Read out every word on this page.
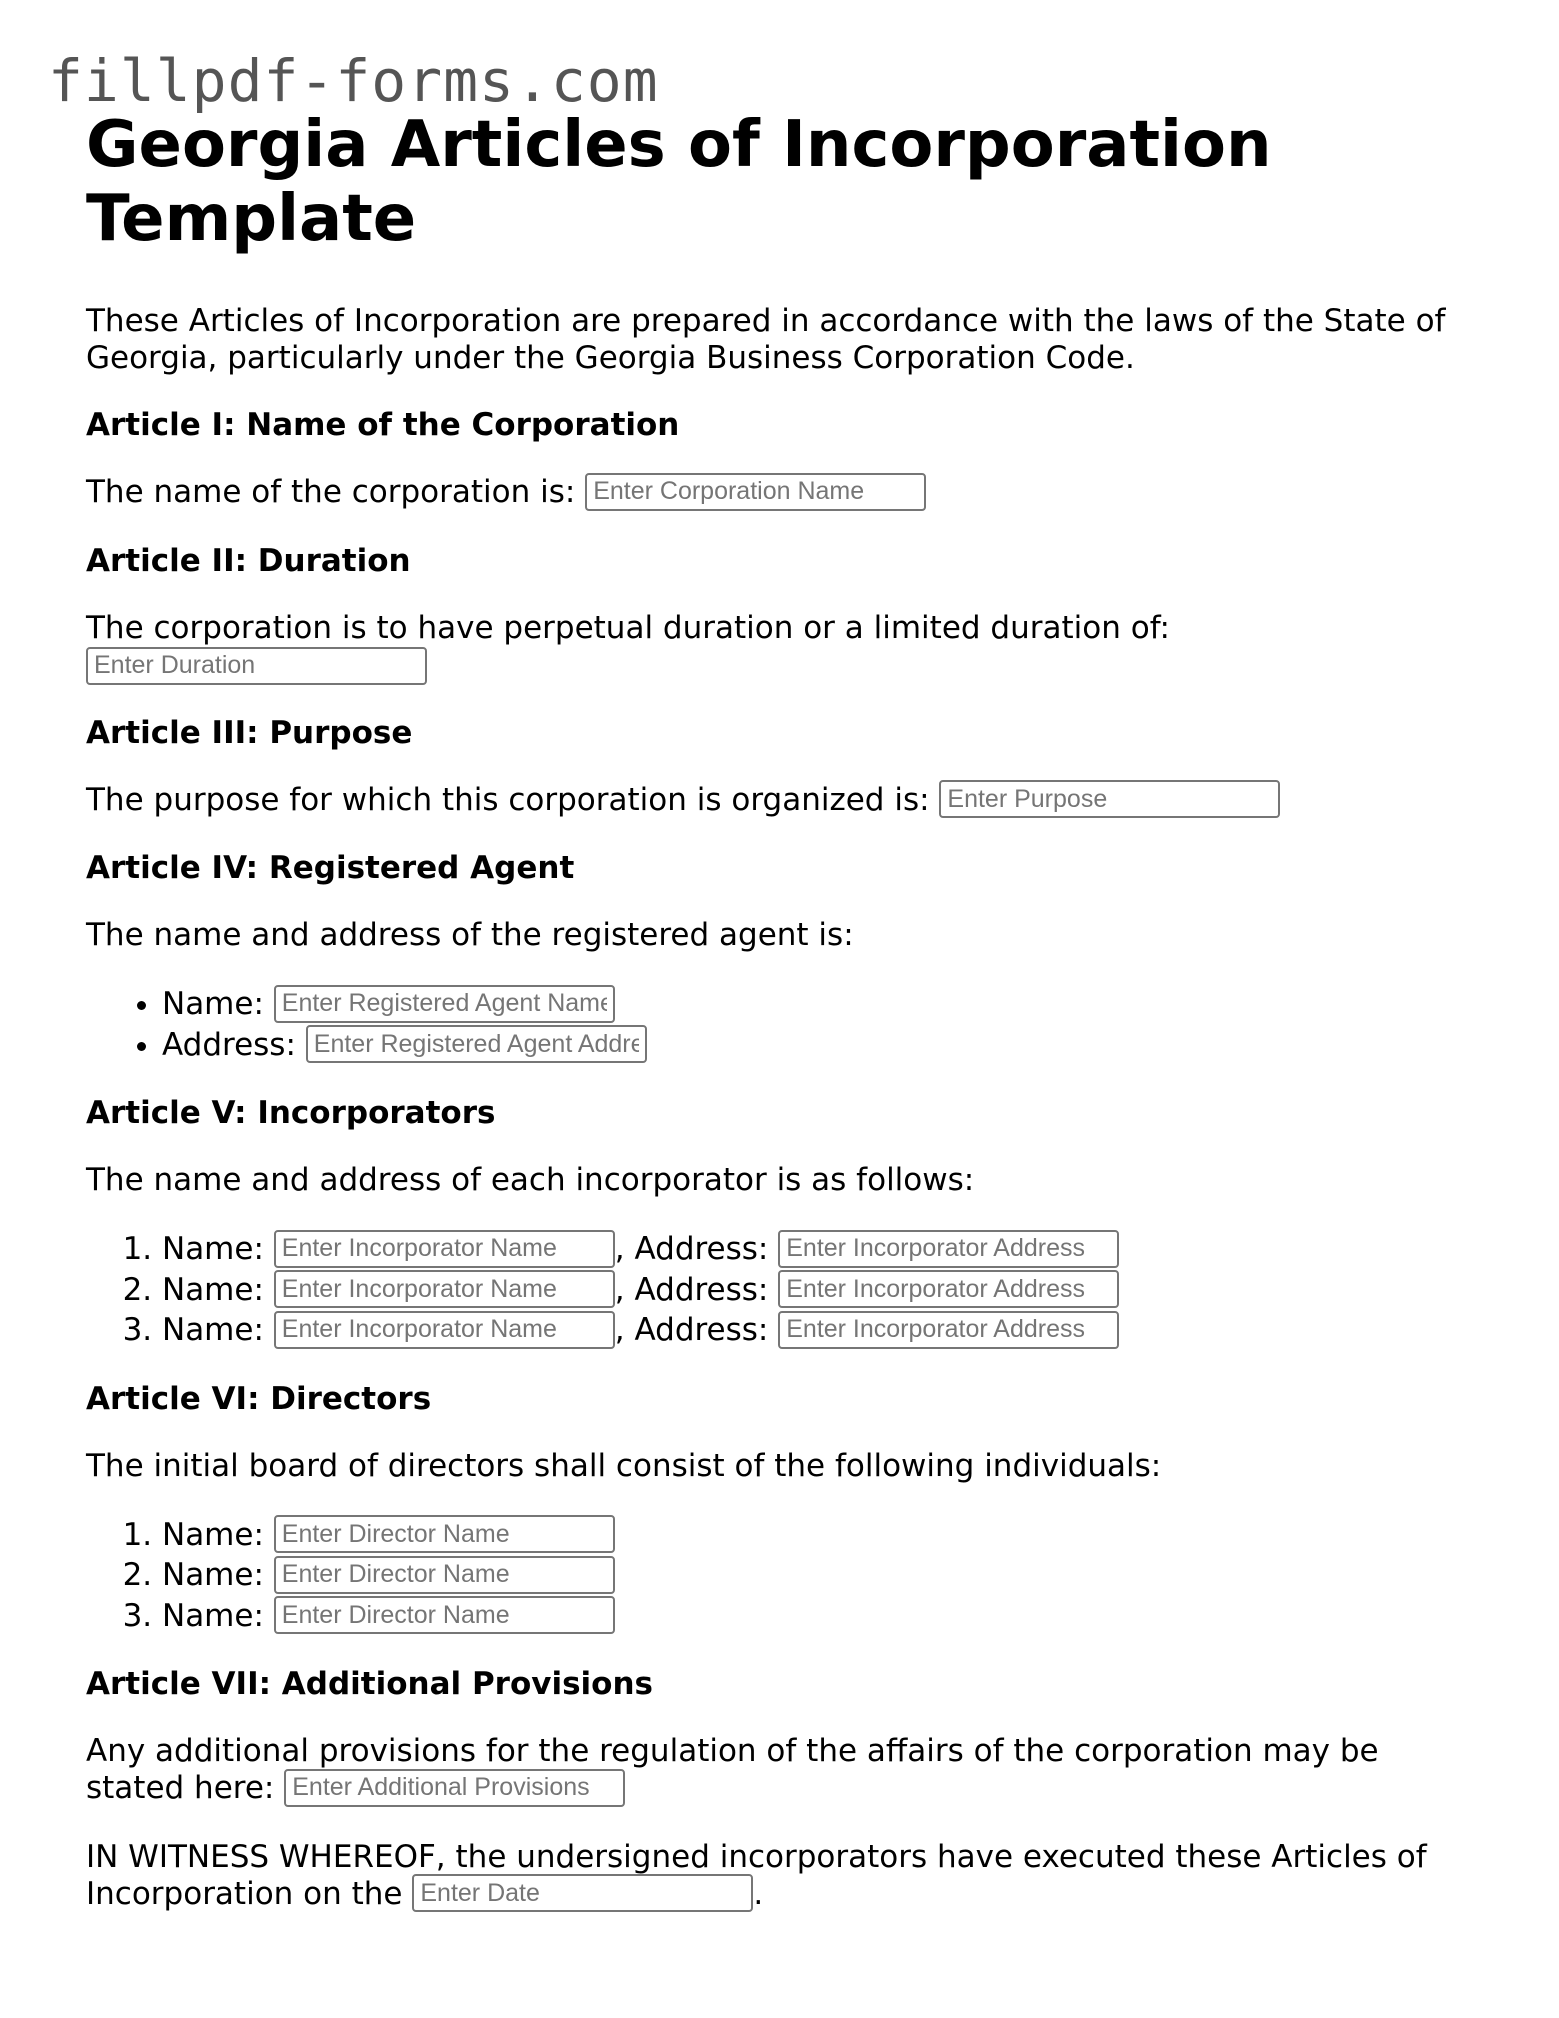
fillpdf-forms.com
Georgia Articles of Incorporation Template

These Articles of Incorporation are prepared in accordance with the laws of the State of Georgia, particularly under the Georgia Business Corporation Code.

Article I: Name of the Corporation

The name of the corporation is: Enter Corporation Name

Article II: Duration

The corporation is to have perpetual duration or a limited duration of:

Enter Duration
Article III: Purpose

The purpose for which this corporation is organized is: Enter Purpose

Article IV: Registered Agent

The name and address of the registered agent is:

• Name: Enter Registered Agent Name
• Address: Enter Registered Agent Address
Article V: Incorporators

The name and address of each incorporator is as follows:

1. Name: Enter Incorporator Name	, Address: Enter Incorporator Address
2. Name: Enter Incorporator Name	, Address: Enter Incorporator Address
3. Name: Enter Incorporator Name	, Address: Enter Incorporator Address
Article VI: Directors

The initial board of directors shall consist of the following individuals:

1. Name: Enter Director Name
2. Name: Enter Director Name
3. Name: Enter Director Name
Article VII: Additional Provisions

Any additional provisions for the regulation of the affairs of the corporation may be stated here: Enter Additional Provisions

IN WITNESS WHEREOF, the undersigned incorporators have executed these Articles of Incorporation on the Enter Date	.
